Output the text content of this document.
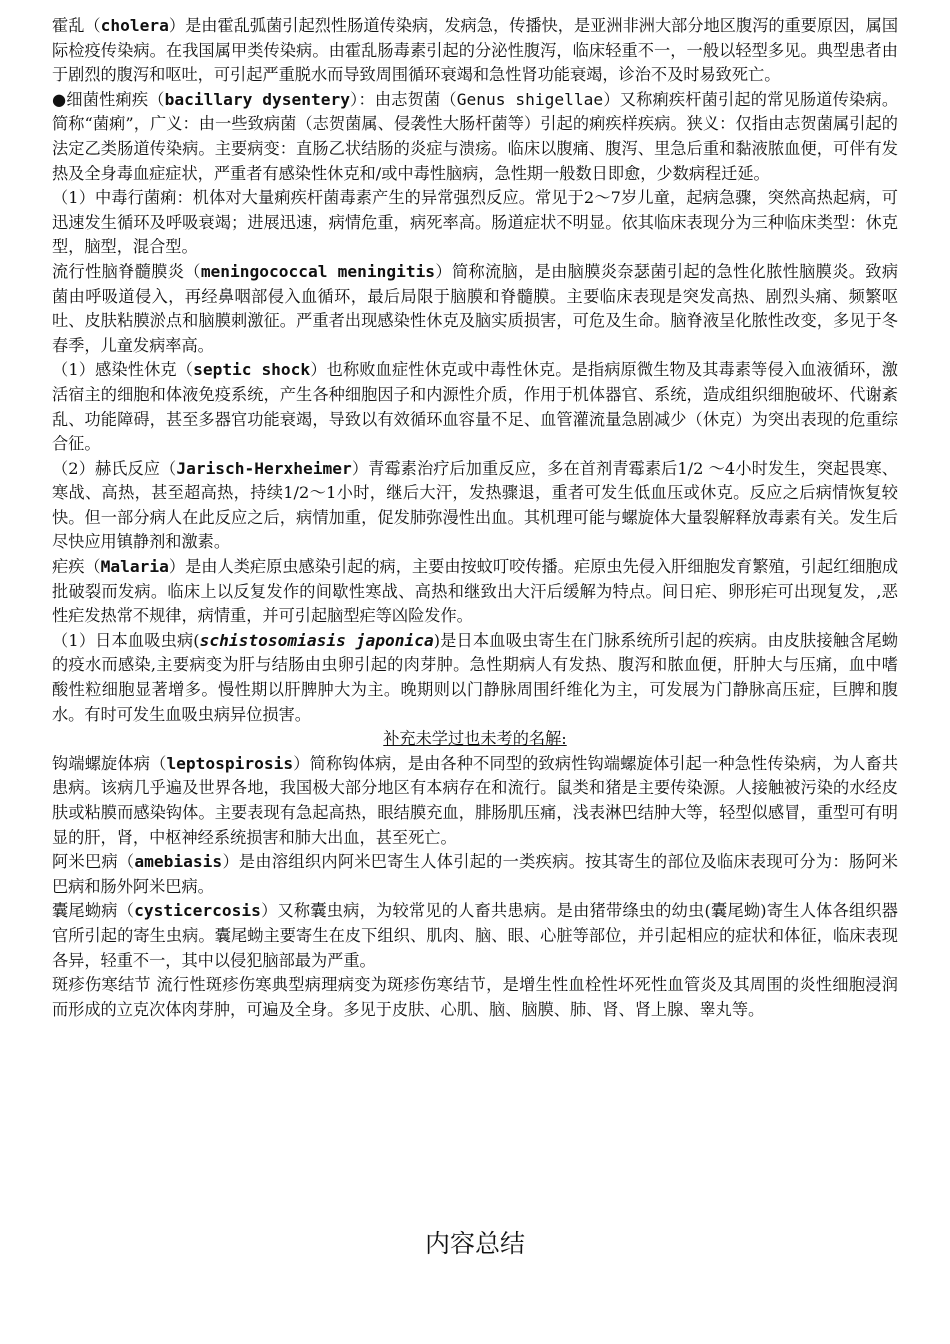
霍乱（cholera）是由霍乱弧菌引起烈性肠道传染病，发病急，传播快，是亚洲非洲大部分地区腹泻的重要原因，属国际检疫传染病。在我国属甲类传染病。由霍乱肠毒素引起的分泌性腹泻，临床轻重不一，一般以轻型多见。典型患者由于剧烈的腹泻和呕吐，可引起严重脱水而导致周围循环衰竭和急性肾功能衰竭，诊治不及时易致死亡。

●细菌性痢疾（bacillary dysentery）：由志贺菌（Genus shigellae）又称痢疾杆菌引起的常见肠道传染病。简称“菌痢”，广义：由一些致病菌（志贺菌属、侵袭性大肠杆菌等）引起的痢疾样疾病。狭义：仅指由志贺菌属引起的法定乙类肠道传染病。主要病变：直肠乙状结肠的炎症与溃疡。临床以腹痛、腹泻、里急后重和黏液脓血便，可伴有发热及全身毒血症症状，严重者有感染性休克和/或中毒性脑病，急性期一般数日即愈，少数病程迁延。

（1）中毒行菌痢：机体对大量痢疾杆菌毒素产生的异常强烈反应。常见于2～7岁儿童，起病急骤，突然高热起病，可迅速发生循环及呼吸衰竭；进展迅速，病情危重，病死率高。肠道症状不明显。依其临床表现分为三种临床类型：休克型，脑型，混合型。

流行性脑脊髓膜炎（meningococcal meningitis）简称流脑，是由脑膜炎奈瑟菌引起的急性化脓性脑膜炎。致病菌由呼吸道侵入，再经鼻咽部侵入血循环，最后局限于脑膜和脊髓膜。主要临床表现是突发高热、剧烈头痛、频繁呕吐、皮肤粘膜淤点和脑膜刺激征。严重者出现感染性休克及脑实质损害，可危及生命。脑脊液呈化脓性改变，多见于冬春季，儿童发病率高。

（1）感染性休克（septic shock）也称败血症性休克或中毒性休克。是指病原微生物及其毒素等侵入血液循环，激活宿主的细胞和体液免疫系统，产生各种细胞因子和内源性介质，作用于机体器官、系统，造成组织细胞破坏、代谢紊乱、功能障碍，甚至多器官功能衰竭，导致以有效循环血容量不足、血管灌流量急剧减少（休克）为突出表现的危重综合征。

（2）赫氏反应（Jarisch-Herxheimer）青霉素治疗后加重反应，多在首剂青霉素后1/2 ～4小时发生，突起畏寒、寒战、高热，甚至超高热，持续1/2～1小时，继后大汗，发热骤退，重者可发生低血压或休克。反应之后病情恢复较快。但一部分病人在此反应之后，病情加重，促发肺弥漫性出血。其机理可能与螺旋体大量裂解释放毒素有关。发生后尽快应用镇静剂和激素。

疟疾（Malaria）是由人类疟原虫感染引起的病，主要由按蚊叮咬传播。疟原虫先侵入肝细胞发育繁殖，引起红细胞成批破裂而发病。临床上以反复发作的间歇性寒战、高热和继致出大汗后缓解为特点。间日疟、卵形疟可出现复发，,恶性疟发热常不规律，病情重，并可引起脑型疟等凶险发作。

（1）日本血吸虫病(schistosomiasis japonica)是日本血吸虫寄生在门脉系统所引起的疾病。由皮肤接触含尾蚴的疫水而感染,主要病变为肝与结肠由虫卵引起的肉芽肿。急性期病人有发热、腹泻和脓血便，肝肿大与压痛，血中嗜酸性粒细胞显著增多。慢性期以肝脾肿大为主。晚期则以门静脉周围纤维化为主，可发展为门静脉高压症，巨脾和腹水。有时可发生血吸虫病异位损害。

补充未学过也未考的名解:

钩端螺旋体病（leptospirosis）简称钩体病，是由各种不同型的致病性钩端螺旋体引起一种急性传染病，为人畜共患病。该病几乎遍及世界各地，我国极大部分地区有本病存在和流行。鼠类和猪是主要传染源。人接触被污染的水经皮肤或粘膜而感染钩体。主要表现有急起高热，眼结膜充血，腓肠肌压痛，浅表淋巴结肿大等，轻型似感冒，重型可有明显的肝，肾，中枢神经系统损害和肺大出血，甚至死亡。

阿米巴病（amebiasis）是由溶组织内阿米巴寄生人体引起的一类疾病。按其寄生的部位及临床表现可分为：肠阿米巴病和肠外阿米巴病。

囊尾蚴病（cysticercosis）又称囊虫病，为较常见的人畜共患病。是由猪带绦虫的幼虫(囊尾蚴)寄生人体各组织器官所引起的寄生虫病。囊尾蚴主要寄生在皮下组织、肌肉、脑、眼、心脏等部位，并引起相应的症状和体征，临床表现各异，轻重不一，其中以侵犯脑部最为严重。

斑疹伤寒结节 流行性斑疹伤寒典型病理病变为斑疹伤寒结节，是增生性血栓性坏死性血管炎及其周围的炎性细胞浸润而形成的立克次体肉芽肿，可遍及全身。多见于皮肤、心肌、脑、脑膜、肺、肾、肾上腺、睾丸等。

内容总结
